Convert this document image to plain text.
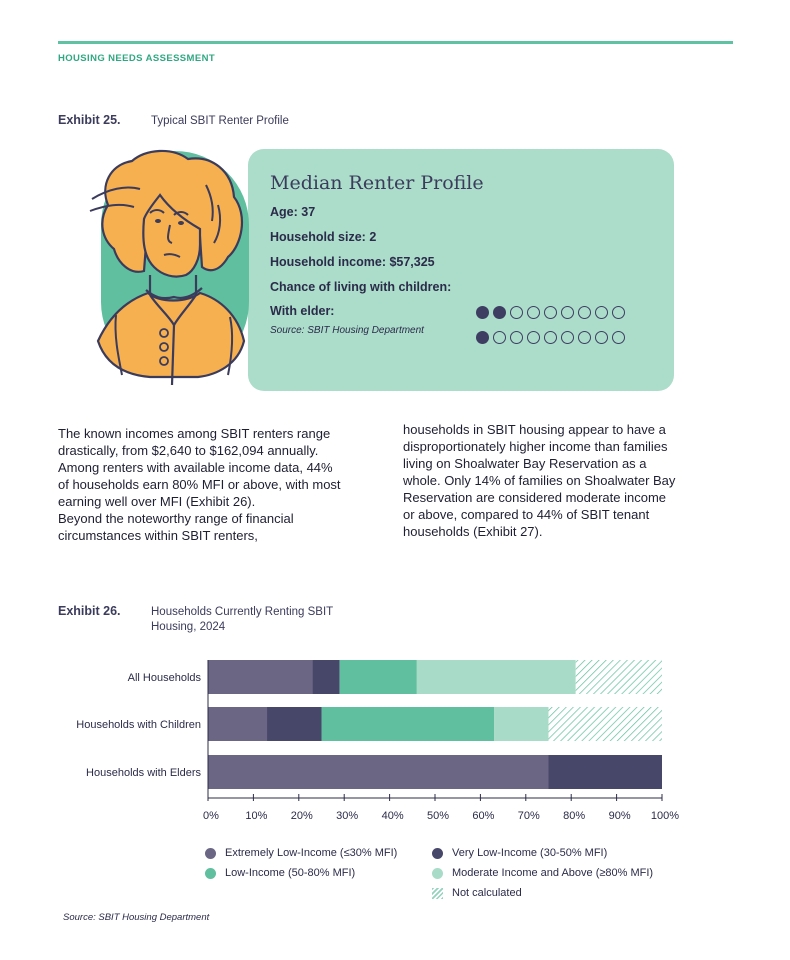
HOUSING NEEDS ASSESSMENT
Exhibit 25.	Typical SBIT Renter Profile
Median Renter Profile
Age: 37
Household size: 2
Household income: $57,325
Chance of living with children:
With elder:
Source: SBIT Housing Department
The known incomes among SBIT renters range
drastically, from $2,640 to $162,094 annually.
Among renters with available income data, 44%
of households earn 80% MFI or above, with most
earning well over MFI (Exhibit 26).
Beyond the noteworthy range of financial
circumstances within SBIT renters,
households in SBIT housing appear to have a
disproportionately higher income than families
living on Shoalwater Bay Reservation as a
whole. Only 14% of families on Shoalwater Bay
Reservation are considered moderate income
or above, compared to 44% of SBIT tenant
households (Exhibit 27).
Exhibit 26.	Households Currently Renting SBIT
Housing, 2024
All Households
Households with Children
Households with Elders
0% 10% 20% 30% 40% 50% 60% 70% 80% 90% 100%
Extremely Low-Income (≤30% MFI)	Very Low-Income (30-50% MFI)
Low-Income (50-80% MFI)	Moderate Income and Above (≥80% MFI)
Not calculated
Source: SBIT Housing Department
